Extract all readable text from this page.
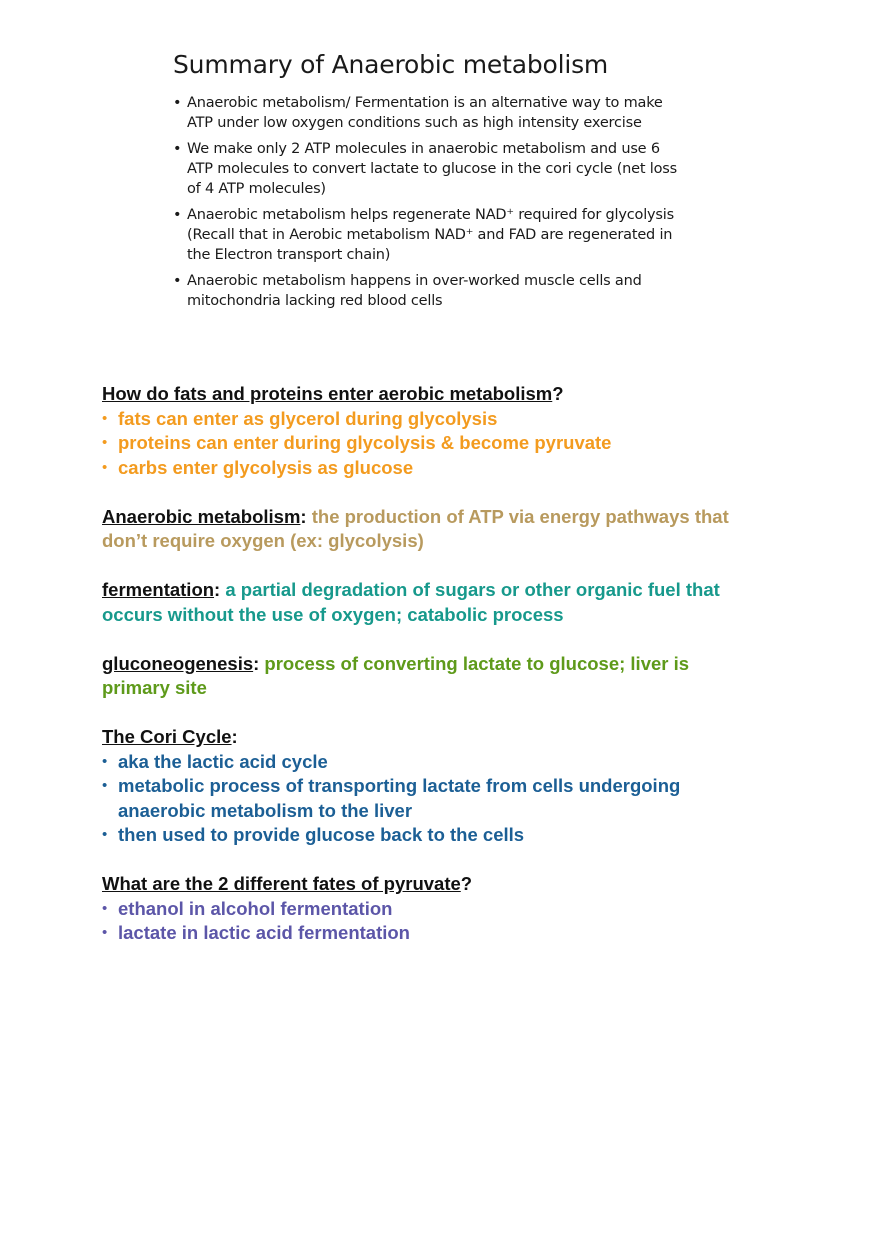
Summary of Anaerobic metabolism
• Anaerobic metabolism/ Fermentation is an alternative way to make
ATP under low oxygen conditions such as high intensity exercise
• We make only 2 ATP molecules in anaerobic metabolism and use 6
ATP molecules to convert lactate to glucose in the cori cycle (net loss
of 4 ATP molecules)
• Anaerobic metabolism helps regenerate NAD⁺ required for glycolysis
(Recall that in Aerobic metabolism NAD⁺ and FAD are regenerated in
the Electron transport chain)
• Anaerobic metabolism happens in over-worked muscle cells and
mitochondria lacking red blood cells
How do fats and proteins enter aerobic metabolism?
• fats can enter as glycerol during glycolysis
• proteins can enter during glycolysis & become pyruvate
• carbs enter glycolysis as glucose
Anaerobic metabolism: the production of ATP via energy pathways that don’t require oxygen (ex: glycolysis)
fermentation: a partial degradation of sugars or other organic fuel that occurs without the use of oxygen; catabolic process
gluconeogenesis: process of converting lactate to glucose; liver is primary site
The Cori Cycle:
• aka the lactic acid cycle
• metabolic process of transporting lactate from cells undergoing anaerobic metabolism to the liver
• then used to provide glucose back to the cells
What are the 2 different fates of pyruvate?
• ethanol in alcohol fermentation
• lactate in lactic acid fermentation
